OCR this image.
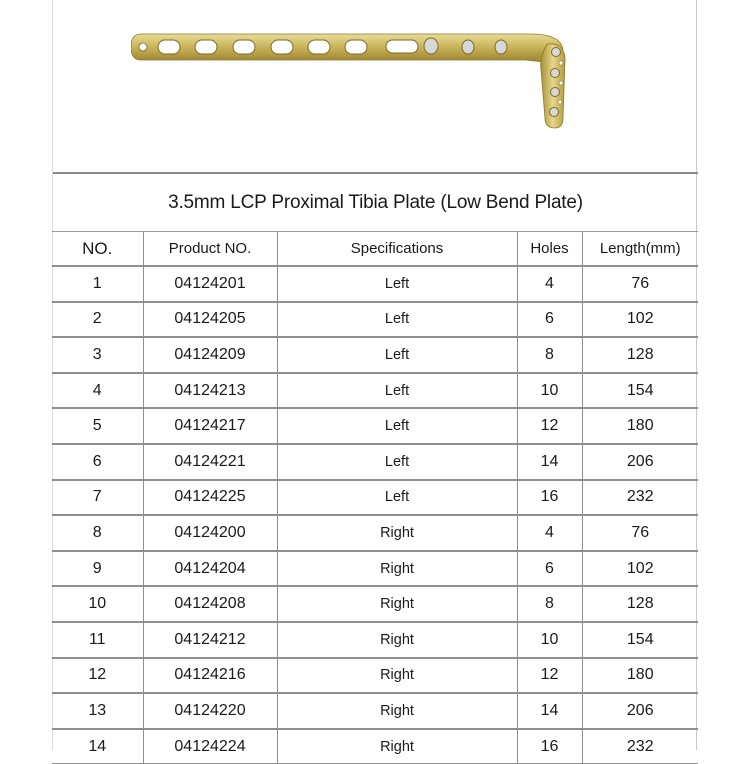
3.5mm LCP Proximal Tibia Plate (Low Bend Plate)
NO.	Product NO.	Specifications	Holes	Length(mm)
1	04124201	Left	4	76
2	04124205	Left	6	102
3	04124209	Left	8	128
4	04124213	Left	10	154
5	04124217	Left	12	180
6	04124221	Left	14	206
7	04124225	Left	16	232
8	04124200	Right	4	76
9	04124204	Right	6	102
10	04124208	Right	8	128
11	04124212	Right	10	154
12	04124216	Right	12	180
13	04124220	Right	14	206
14	04124224	Right	16	232
